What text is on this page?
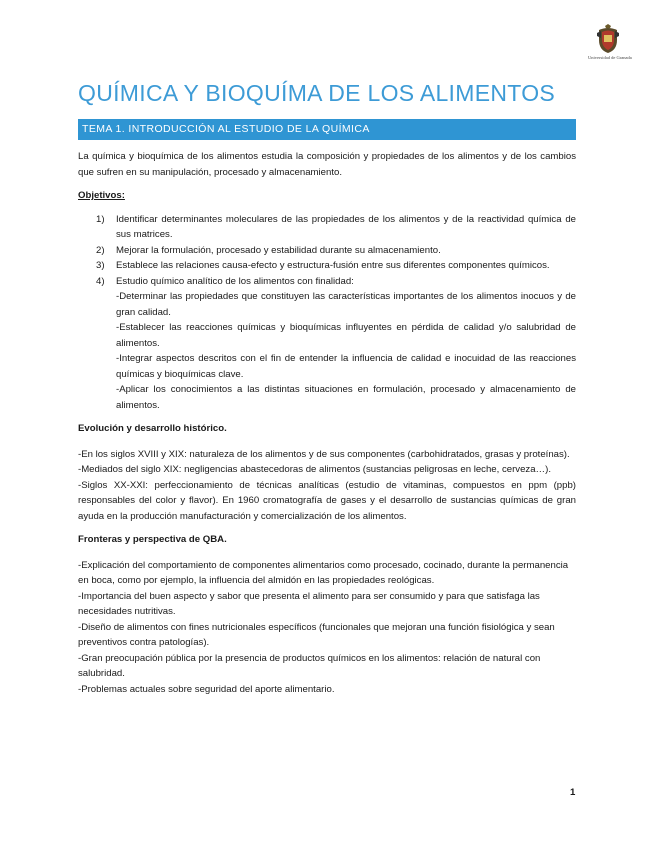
Universidad de Granada
QUÍMICA Y BIOQUÍMA DE LOS ALIMENTOS
TEMA 1. INTRODUCCIÓN AL ESTUDIO DE LA QUÍMICA

La química y bioquímica de los alimentos estudia la composición y propiedades de los alimentos y de los cambios que sufren en su manipulación, procesado y almacenamiento.

Objetivos:

1) Identificar determinantes moleculares de las propiedades de los alimentos y de la reactividad química de sus matrices.
2) Mejorar la formulación, procesado y estabilidad durante su almacenamiento.
3) Establece las relaciones causa-efecto y estructura-fusión entre sus diferentes componentes químicos.
4) Estudio químico analítico de los alimentos con finalidad:
-Determinar las propiedades que constituyen las características importantes de los alimentos inocuos y de gran calidad.
-Establecer las reacciones químicas y bioquímicas influyentes en pérdida de calidad y/o salubridad de alimentos.
-Integrar aspectos descritos con el fin de entender la influencia de calidad e inocuidad de las reacciones químicas y bioquímicas clave.
-Aplicar los conocimientos a las distintas situaciones en formulación, procesado y almacenamiento de alimentos.

Evolución y desarrollo histórico.

-En los siglos XVIII y XIX: naturaleza de los alimentos y de sus componentes (carbohidratados, grasas y proteínas).

-Mediados del siglo XIX: negligencias abastecedoras de alimentos (sustancias peligrosas en leche, cerveza…).

-Siglos XX-XXI: perfeccionamiento de técnicas analíticas (estudio de vitaminas, compuestos en ppm (ppb) responsables del color y flavor). En 1960 cromatografía de gases y el desarrollo de sustancias químicas de gran ayuda en la producción manufacturación y comercialización de los alimentos.

Fronteras y perspectiva de QBA.

-Explicación del comportamiento de componentes alimentarios como procesado, cocinado, durante la permanencia en boca, como por ejemplo, la influencia del almidón en las propiedades reológicas.

-Importancia del buen aspecto y sabor que presenta el alimento para ser consumido y para que satisfaga las necesidades nutritivas.

-Diseño de alimentos con fines nutricionales específicos (funcionales que mejoran una función fisiológica y sean preventivos contra patologías).

-Gran preocupación pública por la presencia de productos químicos en los alimentos: relación de natural con salubridad.

-Problemas actuales sobre seguridad del aporte alimentario.

1
